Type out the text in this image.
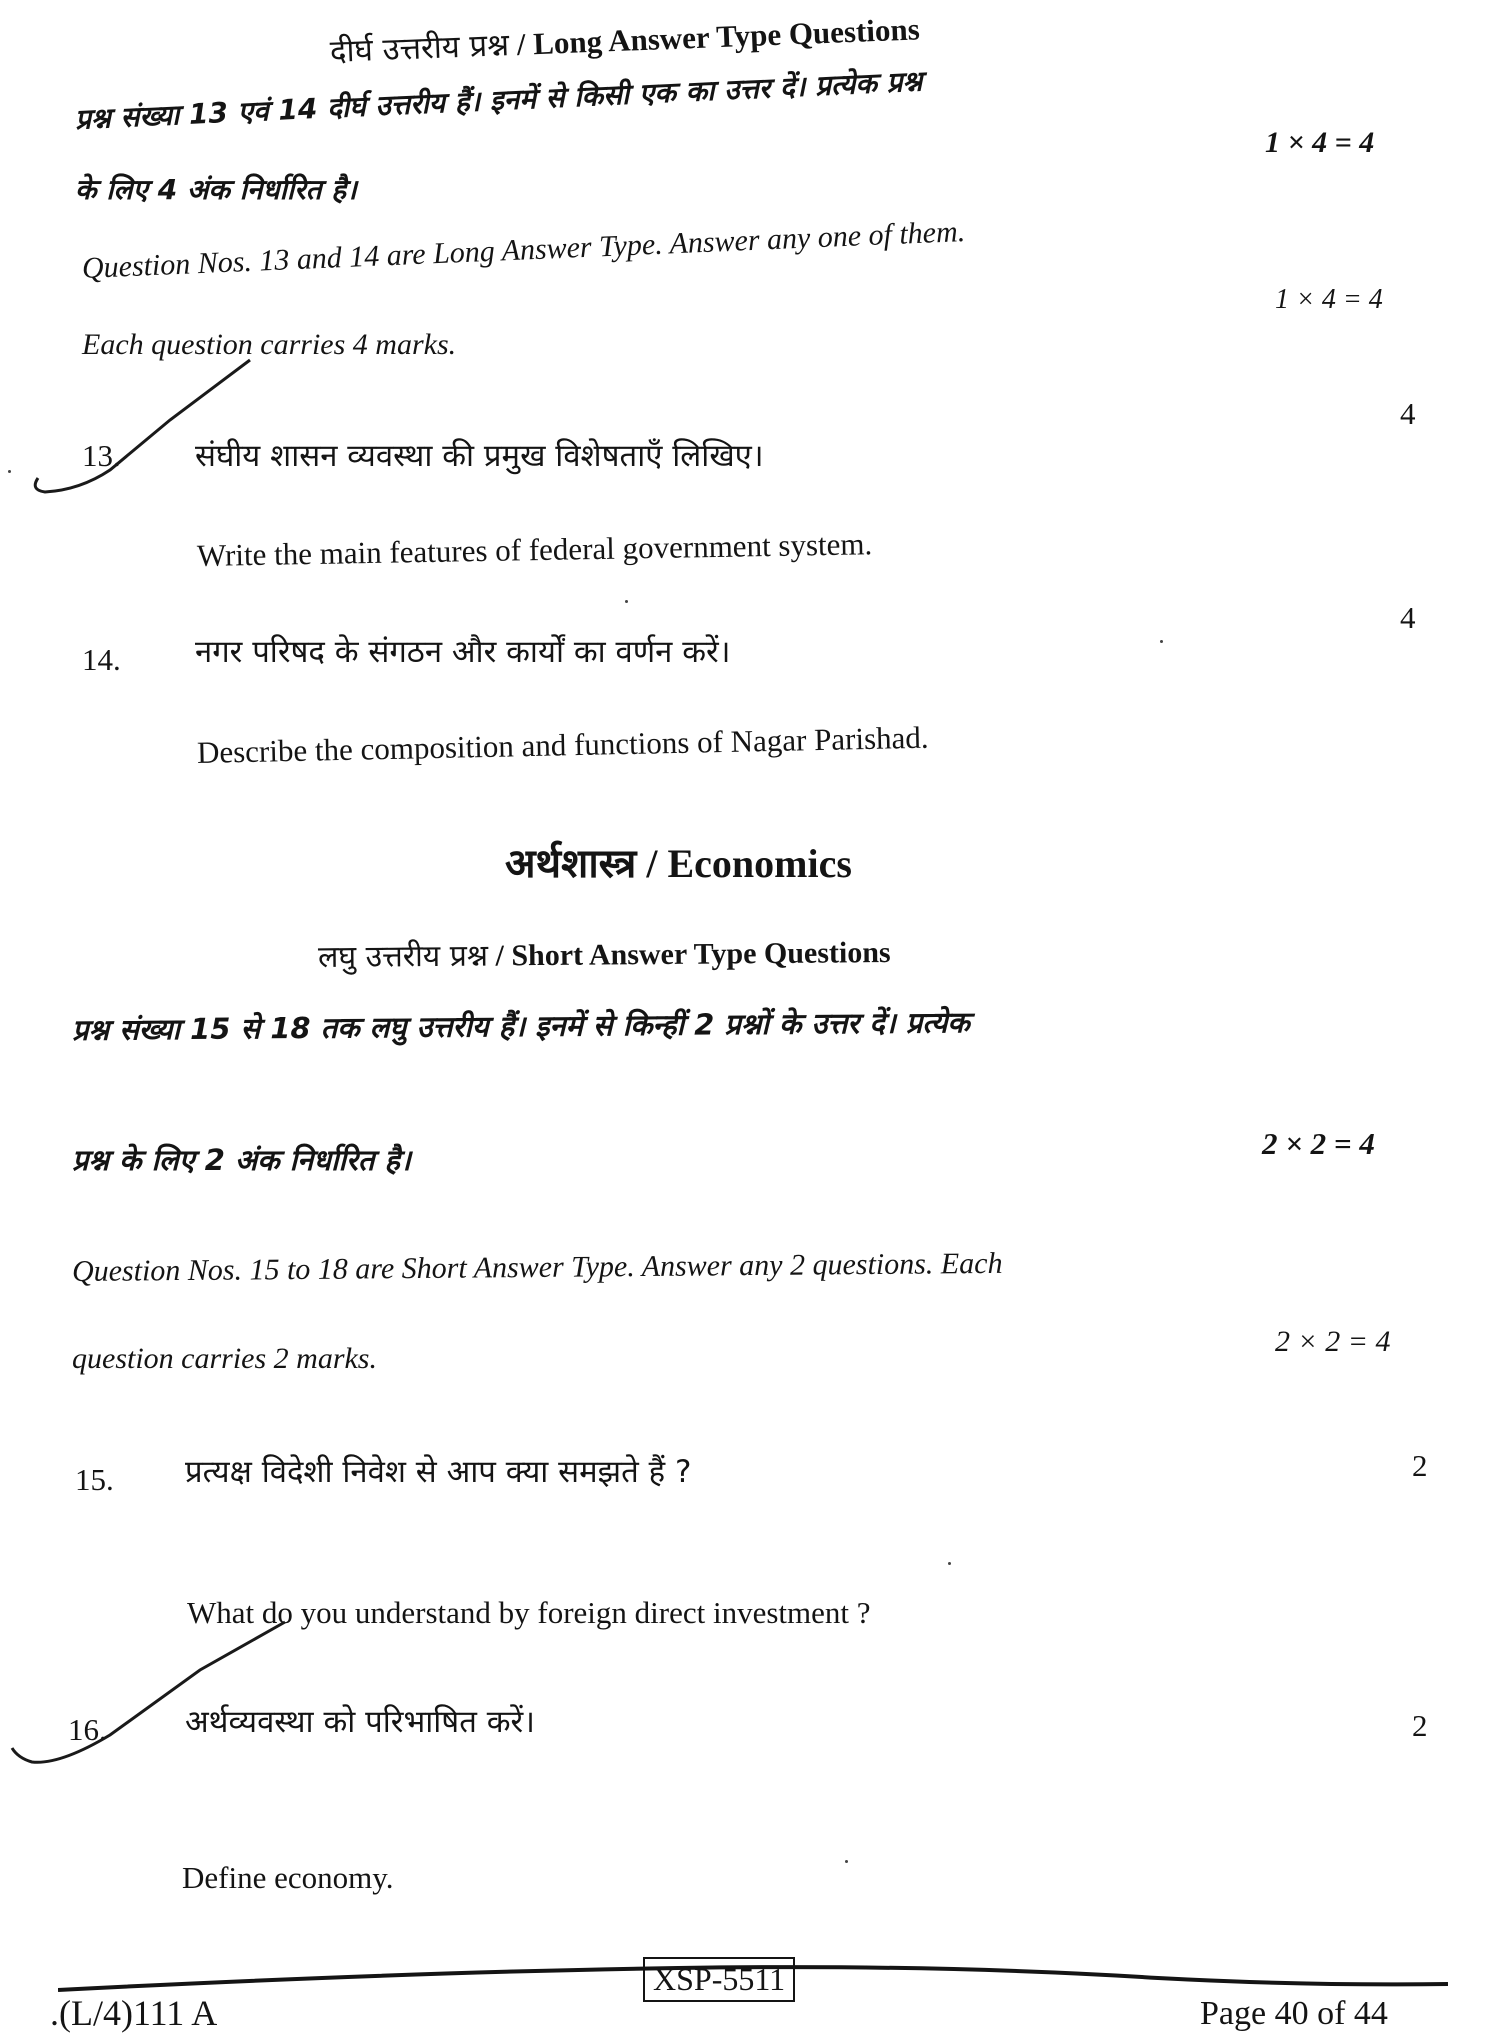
दीर्घ उत्तरीय प्रश्न / Long Answer Type Questions
प्रश्न संख्या 13 एवं 14 दीर्घ उत्तरीय हैं। इनमें से किसी एक का उत्तर दें। प्रत्येक प्रश्न
1 × 4 = 4
के लिए 4 अंक निर्धारित है।
Question Nos. 13 and 14 are Long Answer Type. Answer any one of them.
1 × 4 = 4
Each question carries 4 marks.
13. संघीय शासन व्यवस्था की प्रमुख विशेषताएँ लिखिए।
4
Write the main features of federal government system.
14. नगर परिषद के संगठन और कार्यों का वर्णन करें।
4
Describe the composition and functions of Nagar Parishad.
अर्थशास्त्र / Economics
लघु उत्तरीय प्रश्न / Short Answer Type Questions
प्रश्न संख्या 15 से 18 तक लघु उत्तरीय हैं। इनमें से किन्हीं 2 प्रश्नों के उत्तर दें। प्रत्येक
प्रश्न के लिए 2 अंक निर्धारित है।	2 × 2 = 4
Question Nos. 15 to 18 are Short Answer Type. Answer any 2 questions. Each
2 × 2 = 4
question carries 2 marks.
15. प्रत्यक्ष विदेशी निवेश से आप क्या समझते हैं ?	2
What do you understand by foreign direct investment ?
16.	अर्थव्यवस्था को परिभाषित करें।	2
Define economy.
.(L/4)111 A
XSP-5511
Page 40 of 44
